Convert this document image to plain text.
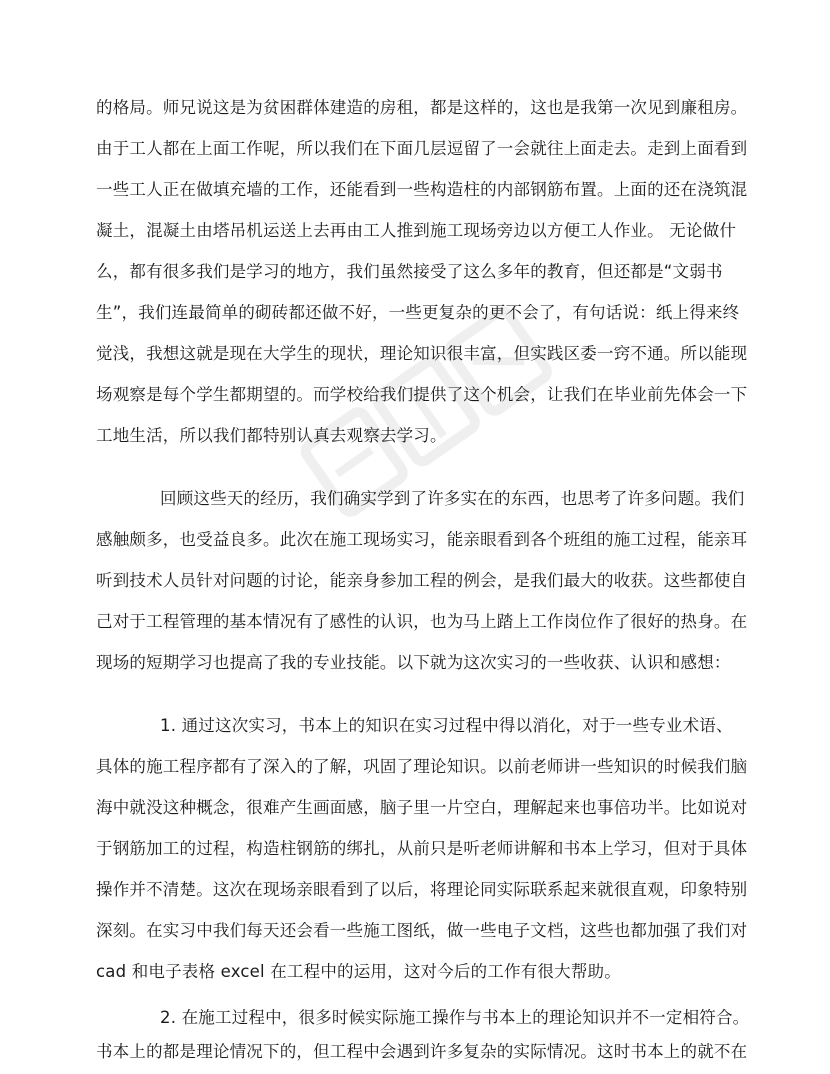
的格局。师兄说这是为贫困群体建造的房租，都是这样的，这也是我第一次见到廉租房。
由于工人都在上面工作呢，所以我们在下面几层逗留了一会就往上面走去。走到上面看到
一些工人正在做填充墙的工作，还能看到一些构造柱的内部钢筋布置。上面的还在浇筑混
凝土，混凝土由塔吊机运送上去再由工人推到施工现场旁边以方便工人作业。 无论做什
么，都有很多我们是学习的地方，我们虽然接受了这么多年的教育，但还都是“文弱书
生”，我们连最简单的砌砖都还做不好，一些更复杂的更不会了，有句话说：纸上得来终
觉浅，我想这就是现在大学生的现状，理论知识很丰富，但实践区委一窍不通。所以能现
场观察是每个学生都期望的。而学校给我们提供了这个机会，让我们在毕业前先体会一下
工地生活，所以我们都特别认真去观察去学习。
回顾这些天的经历，我们确实学到了许多实在的东西，也思考了许多问题。我们
感触颇多，也受益良多。此次在施工现场实习，能亲眼看到各个班组的施工过程，能亲耳
听到技术人员针对问题的讨论，能亲身参加工程的例会，是我们最大的收获。这些都使自
己对于工程管理的基本情况有了感性的认识，也为马上踏上工作岗位作了很好的热身。在
现场的短期学习也提高了我的专业技能。以下就为这次实习的一些收获、认识和感想：
1. 通过这次实习，书本上的知识在实习过程中得以消化，对于一些专业术语、
具体的施工程序都有了深入的了解，巩固了理论知识。以前老师讲一些知识的时候我们脑
海中就没这种概念，很难产生画面感，脑子里一片空白，理解起来也事倍功半。比如说对
于钢筋加工的过程，构造柱钢筋的绑扎，从前只是听老师讲解和书本上学习，但对于具体
操作并不清楚。这次在现场亲眼看到了以后，将理论同实际联系起来就很直观，印象特别
深刻。在实习中我们每天还会看一些施工图纸，做一些电子文档，这些也都加强了我们对
cad 和电子表格 excel 在工程中的运用，这对今后的工作有很大帮助。
2. 在施工过程中，很多时候实际施工操作与书本上的理论知识并不一定相符合。
书本上的都是理论情况下的，但工程中会遇到许多复杂的实际情况。这时书本上的就不在
